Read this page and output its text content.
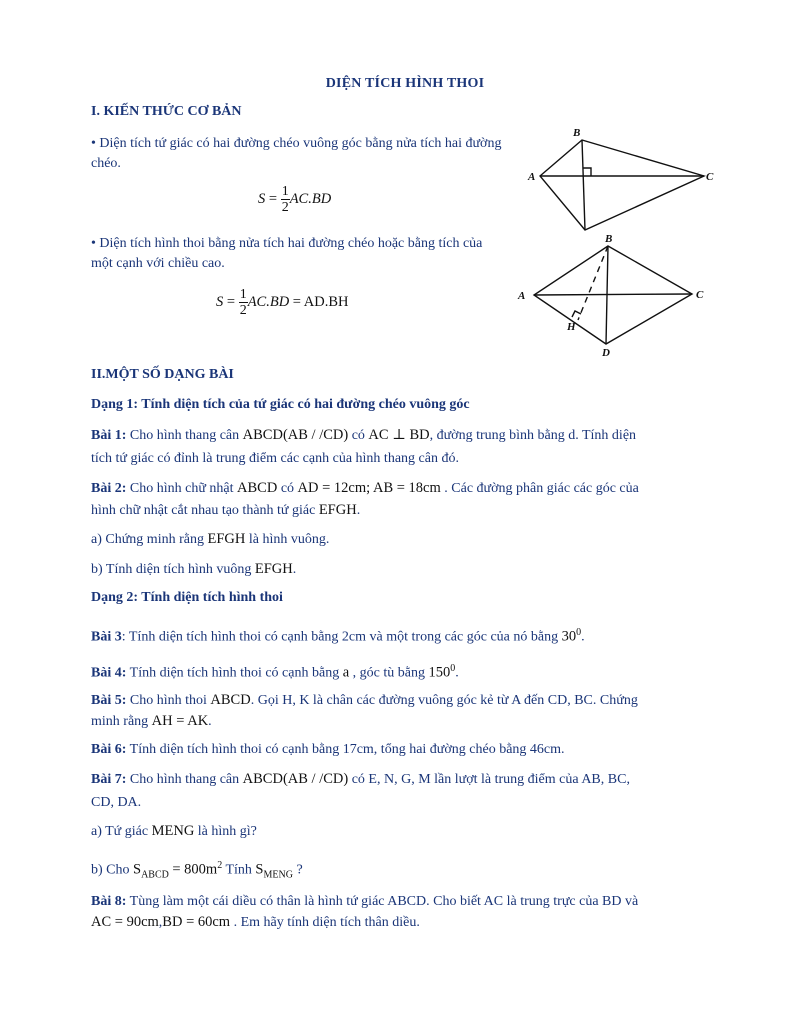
DIỆN TÍCH HÌNH THOI
I. KIẾN THỨC CƠ BẢN
• Diện tích tứ giác có hai đường chéo vuông góc bằng nửa tích hai đường chéo.
$S = \frac{1}{2} AC.BD$
• Diện tích hình thoi bằng nửa tích hai đường chéo hoặc bằng tích của một cạnh với chiều cao.
$S = \frac{1}{2} AC.BD = AD.BH$
B
A	C
B
A	C
H
D
II.MỘT SỐ DẠNG BÀI
Dạng 1: Tính diện tích của tứ giác có hai đường chéo vuông góc
Bài 1: Cho hình thang cân ABCD(AB / /CD) có AC ⊥ BD, đường trung bình bằng d. Tính diện
tích tứ giác có đỉnh là trung điểm các cạnh của hình thang cân đó.
Bài 2: Cho hình chữ nhật ABCD có AD = 12cm; AB = 18cm . Các đường phân giác các góc của
hình chữ nhật cắt nhau tạo thành tứ giác EFGH.
a) Chứng minh rằng EFGH là hình vuông.
b) Tính diện tích hình vuông EFGH.
Dạng 2: Tính diện tích hình thoi
Bài 3: Tính diện tích hình thoi có cạnh bằng 2cm và một trong các góc của nó bằng $30^0$.
Bài 4: Tính diện tích hình thoi có cạnh bằng a , góc tù bằng $150^0$.
Bài 5: Cho hình thoi ABCD. Gọi H, K là chân các đường vuông góc kẻ từ A đến CD, BC. Chứng
minh rằng AH = AK.
Bài 6: Tính diện tích hình thoi có cạnh bằng 17cm, tổng hai đường chéo bằng 46cm.
Bài 7: Cho hình thang cân ABCD(AB / /CD) có E, N, G, M lần lượt là trung điểm của AB, BC,
CD, DA.
a) Tứ giác MENG là hình gì?
b) Cho $S_{ABCD} = 800m^2$ Tính $S_{MENG}$ ?
Bài 8: Tùng làm một cái diều có thân là hình tứ giác ABCD. Cho biết AC là trung trực của BD và
AC = 90cm,BD = 60cm . Em hãy tính diện tích thân diều.
